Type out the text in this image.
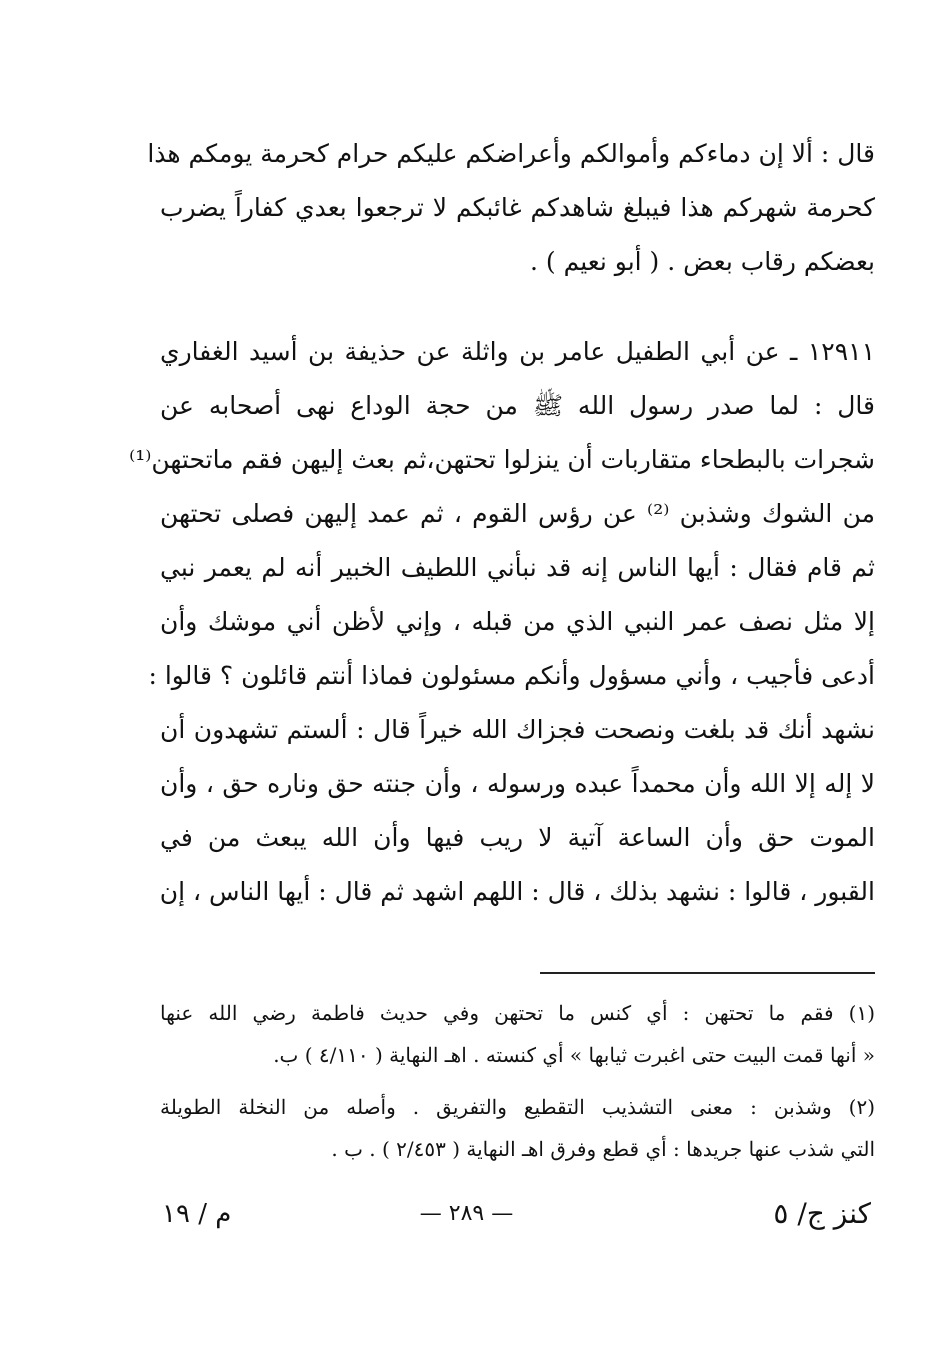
قال : ألا إن دماءكم وأموالكم وأعراضكم عليكم حرام كحرمة يومكم هذا
كحرمة شهركم هذا فيبلغ شاهدكم غائبكم لا ترجعوا بعدي كفاراً يضرب
بعضكم رقاب بعض . ( أبو نعيم ) .
١٢٩١١ ـ عن أبي الطفيل عامر بن واثلة عن حذيفة بن أسيد الغفاري
قال : لما صدر رسول الله ﷺ من حجة الوداع نهى أصحابه عن
شجرات بالبطحاء متقاربات أن ينزلوا تحتهن،ثم بعث إليهن فقم ماتحتهن⁽¹⁾
من الشوك وشذبن ⁽²⁾ عن رؤس القوم ، ثم عمد إليهن فصلى تحتهن
ثم قام فقال : أيها الناس إنه قد نبأني اللطيف الخبير أنه لم يعمر نبي
إلا مثل نصف عمر النبي الذي من قبله ، وإني لأظن أني موشك وأن
أدعى فأجيب ، وأني مسؤول وأنكم مسئولون فماذا أنتم قائلون ؟ قالوا :
نشهد أنك قد بلغت ونصحت فجزاك الله خيراً قال : ألستم تشهدون أن
لا إله إلا الله وأن محمداً عبده ورسوله ، وأن جنته حق وناره حق ، وأن
الموت حق وأن الساعة آتية لا ريب فيها وأن الله يبعث من في
القبور ، قالوا : نشهد بذلك ، قال : اللهم اشهد ثم قال : أيها الناس ، إن
(١) فقم ما تحتهن : أي كنس ما تحتهن وفي حديث فاطمة رضي الله عنها
« أنها قمت البيت حتى اغبرت ثيابها » أي كنسته . اهـ النهاية ( ٤/١١٠ ) ب.
(٢) وشذبن : معنى التشذيب التقطيع والتفريق . وأصله من النخلة الطويلة
التي شذب عنها جريدها : أي قطع وفرق اهـ النهاية ( ٢/٤٥٣ ) . ب .
كنز ج/ ٥
— ٢٨٩ —
م / ١٩
